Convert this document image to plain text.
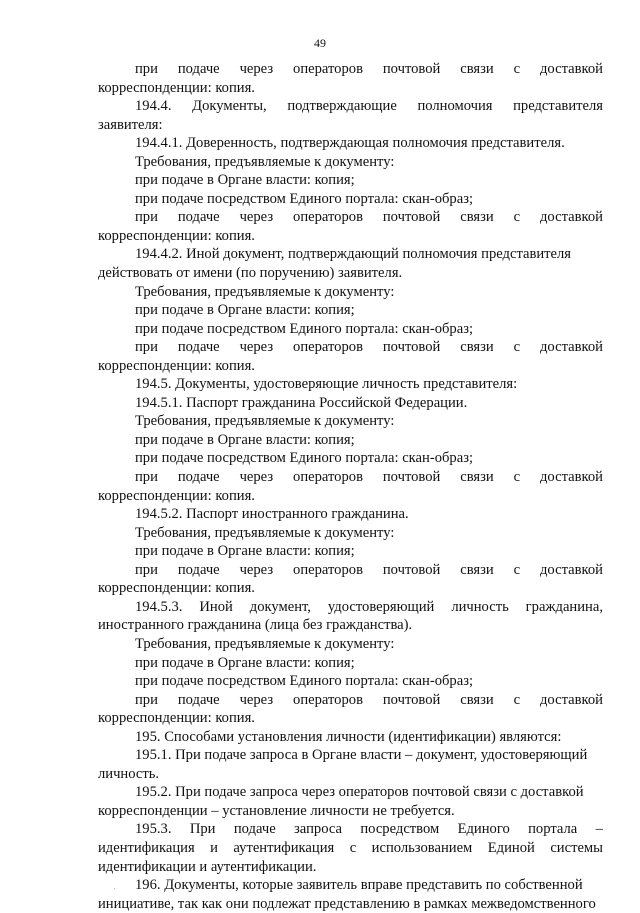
49
при подаче через операторов почтовой связи с доставкой
корреспонденции: копия.
194.4. Документы, подтверждающие полномочия представителя
заявителя:
194.4.1. Доверенность, подтверждающая полномочия представителя.
Требования, предъявляемые к документу:
при подаче в Органе власти: копия;
при подаче посредством Единого портала: скан-образ;
при подаче через операторов почтовой связи с доставкой
корреспонденции: копия.
194.4.2. Иной документ, подтверждающий полномочия представителя
действовать от имени (по поручению) заявителя.
Требования, предъявляемые к документу:
при подаче в Органе власти: копия;
при подаче посредством Единого портала: скан-образ;
при подаче через операторов почтовой связи с доставкой
корреспонденции: копия.
194.5. Документы, удостоверяющие личность представителя:
194.5.1. Паспорт гражданина Российской Федерации.
Требования, предъявляемые к документу:
при подаче в Органе власти: копия;
при подаче посредством Единого портала: скан-образ;
при подаче через операторов почтовой связи с доставкой
корреспонденции: копия.
194.5.2. Паспорт иностранного гражданина.
Требования, предъявляемые к документу:
при подаче в Органе власти: копия;
при подаче через операторов почтовой связи с доставкой
корреспонденции: копия.
194.5.3. Иной документ, удостоверяющий личность гражданина,
иностранного гражданина (лица без гражданства).
Требования, предъявляемые к документу:
при подаче в Органе власти: копия;
при подаче посредством Единого портала: скан-образ;
при подаче через операторов почтовой связи с доставкой
корреспонденции: копия.
195. Способами установления личности (идентификации) являются:
195.1. При подаче запроса в Органе власти – документ, удостоверяющий
личность.
195.2. При подаче запроса через операторов почтовой связи с доставкой
корреспонденции – установление личности не требуется.
195.3. При подаче запроса посредством Единого портала –
идентификация и аутентификация с использованием Единой системы
идентификации и аутентификации.
196. Документы, которые заявитель вправе представить по собственной
инициативе, так как они подлежат представлению в рамках межведомственного
